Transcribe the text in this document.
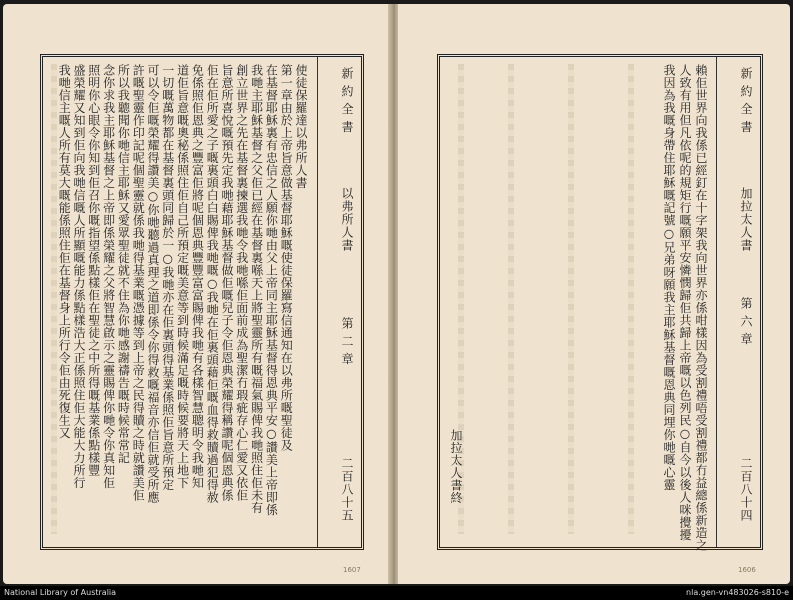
新 約 全 書
以弗所人書
第 二 章
二百八十五
使徒保羅達以弗所人書
第一章由於上帝旨意做基督耶穌嘅使徒保羅寫信通知在以弗所嘅聖徒及
在基督耶穌裏有忠信之人願你哋由父上帝同主耶穌基督得恩典平安○讚美上帝即係
我哋主耶穌基督之父佢已經在基督裏喺天上將聖靈所有嘅福氣賜俾我哋照住佢未有
創立世界之先在基督裏揀選我哋令我哋喺佢面前成為聖潔冇瑕疵存心仁愛又依佢
旨意所喜悅嘅預先定我哋藉耶穌基督做佢嘅兒子令佢恩典榮耀得稱讚呢個恩典係
佢在佢所愛之子嘅裏頭白白賜俾我哋嘅○我哋在佢裏頭藉佢嘅血得救贖過犯得赦
免係照佢恩典之豐富佢將呢個恩典豐豐富富賜俾我哋有各樣智慧聰明令我哋知
道佢旨意嘅奧秘係照住佢自己所預定嘅美意等到時候滿足嘅時候要將天上地下
一切嘅萬物都在基督裏頭同歸於一○我哋亦在佢裏頭得基業係照佢旨意所預定
可以令佢嘅榮耀得讚美○你哋聽過真理之道即係令你得救嘅福音亦信佢就受所應
許嘅聖靈作印記呢個聖靈就係我哋得基業嘅憑據等到上帝之民得贖之時就讚美佢
所以我聽聞你哋信主耶穌又愛眾聖徒就不住為你哋感謝禱告嘅時候常常記
念你求我主耶穌基督之上帝即係榮耀之父將智慧啟示之靈賜俾你哋令你真知佢
照明你心眼令你知到佢召你嘅指望係點樣佢在聖徒之中所得嘅基業係點樣豐
盛榮耀又知到佢向我哋信嘅人所顯嘅能力係點樣浩大正係照住佢大能大力所行
我哋信主嘅人所有莫大嘅能係照住佢在基督身上所行令佢由死復生又
1607
新 約 全 書
加拉太人書
第 六 章
二百八十四
賴佢世界向我係已經釘在十字架我向世界亦係咁樣因為受割禮唔受割禮都冇益總係新造之
人致有用但凡依呢的規矩行嘅願平安憐憫歸佢共歸上帝嘅以色列民○自今以後人咪攪擾
我因為我嘅身帶住耶穌嘅記號○兄弟呀願我主耶穌基督嘅恩典同埋你哋嘅心靈
加拉太人書終
1606
National Library of Australia	nla.gen-vn483026-s810-e
